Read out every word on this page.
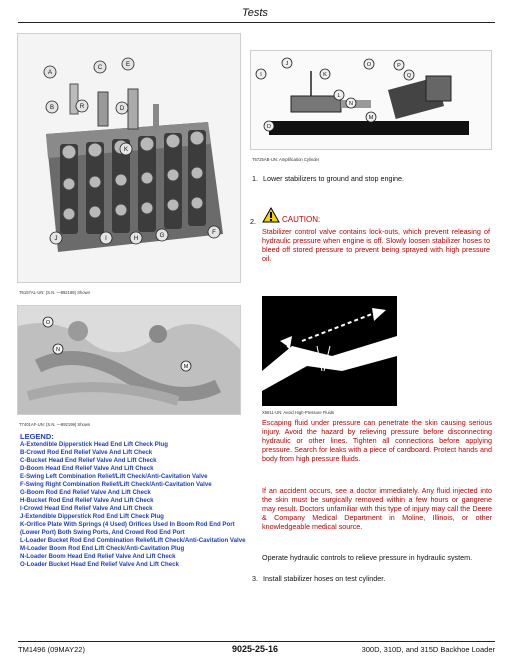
Tests
A
C	E
B	R	D
K
J	I	H	G	F
T6157AL-UN: (S.N. —892199) Shown
I
J
K
L
O	P
Q
N
M
D
T6725AB-UN: Amplification Cylinder
1. Lower stabilizers to ground and stop engine.
2.	CAUTION:
Stabilizer control valve contains lock-outs, which prevent releasing of hydraulic pressure when engine is off. Slowly loosen stabilizer hoses to bleed off stored pressure to prevent being sprayed with high pressure oil.
O
N
M
T7401AF-UN: (S.N. —892199) Shown
LEGEND:
A-Extendible Dipperstick Head End Lift Check Plug
B-Crowd Rod End Relief Valve And Lift Check
C-Bucket Head End Relief Valve And Lift Check
D-Boom Head End Relief Valve And Lift Check
E-Swing Left Combination Relief/Lift Check/Anti-Cavitation Valve
F-Swing Right Combination Relief/Lift Check/Anti-Cavitation Valve
G-Boom Rod End Relief Valve And Lift Check
H-Bucket Rod End Relief Valve And Lift Check
I-Crowd Head End Relief Valve And Lift Check
J-Extendible Dipperstick Rod End Lift Check Plug
K-Orifice Plate With Springs (4 Used) Orifices Used In Boom Rod End Port (Lower Port) Both Swing Ports, And Crowd Rod End Port
L-Loader Bucket Rod End Combination Relief/Lift Check/Anti-Cavitation Valve
M-Loader Boom Rod End Lift Check/Anti-Cavitation Plug
N-Loader Boom Head End Relief Valve And Lift Check
O-Loader Bucket Head End Relief Valve And Lift Check
X9811-UN: Avoid High-Pressure Fluids
Escaping fluid under pressure can penetrate the skin causing serious injury. Avoid the hazard by relieving pressure before disconnecting hydraulic or other lines. Tighten all connections before applying pressure. Search for leaks with a piece of cardboard. Protect hands and body from high pressure fluids.
If an accident occurs, see a doctor immediately. Any fluid injected into the skin must be surgically removed within a few hours or gangrene may result. Doctors unfamiliar with this type of injury may call the Deere & Company Medical Department in Moline, Illinois, or other knowledgeable medical source.
Operate hydraulic controls to relieve pressure in hydraulic system.
3. Install stabilizer hoses on test cylinder.
TM1496 (09MAY22)	9025-25-16	300D, 310D, and 315D Backhoe Loader
